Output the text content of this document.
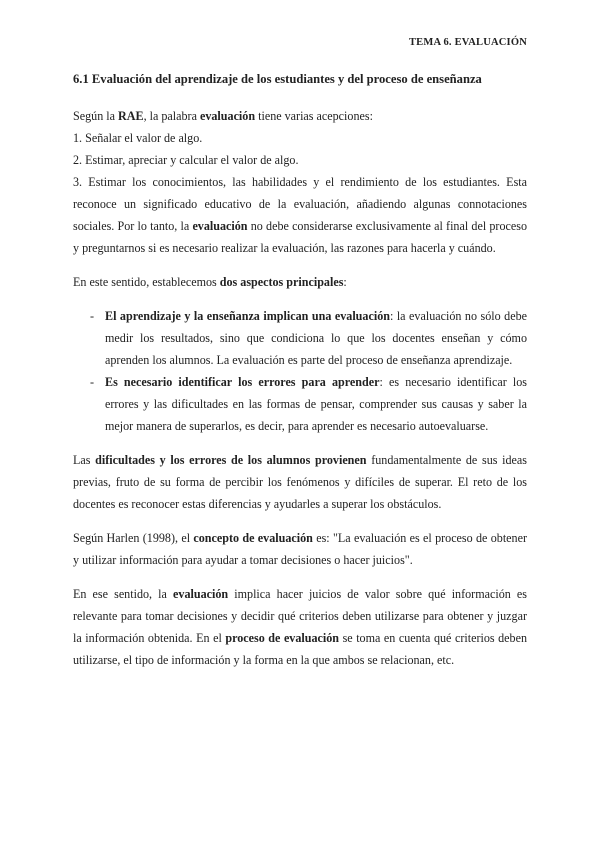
TEMA 6. EVALUACIÓN
6.1 Evaluación del aprendizaje de los estudiantes y del proceso de enseñanza

Según la RAE, la palabra evaluación tiene varias acepciones:

1. Señalar el valor de algo.

2. Estimar, apreciar y calcular el valor de algo.

3. Estimar los conocimientos, las habilidades y el rendimiento de los estudiantes. Esta reconoce un significado educativo de la evaluación, añadiendo algunas connotaciones sociales. Por lo tanto, la evaluación no debe considerarse exclusivamente al final del proceso y preguntarnos si es necesario realizar la evaluación, las razones para hacerla y cuándo.

En este sentido, establecemos dos aspectos principales:

- El aprendizaje y la enseñanza implican una evaluación: la evaluación no sólo debe medir los resultados, sino que condiciona lo que los docentes enseñan y cómo aprenden los alumnos. La evaluación es parte del proceso de enseñanza aprendizaje.

- Es necesario identificar los errores para aprender: es necesario identificar los errores y las dificultades en las formas de pensar, comprender sus causas y saber la mejor manera de superarlos, es decir, para aprender es necesario autoevaluarse.

Las dificultades y los errores de los alumnos provienen fundamentalmente de sus ideas previas, fruto de su forma de percibir los fenómenos y difíciles de superar. El reto de los docentes es reconocer estas diferencias y ayudarles a superar los obstáculos.

Según Harlen (1998), el concepto de evaluación es: "La evaluación es el proceso de obtener y utilizar información para ayudar a tomar decisiones o hacer juicios".

En ese sentido, la evaluación implica hacer juicios de valor sobre qué información es relevante para tomar decisiones y decidir qué criterios deben utilizarse para obtener y juzgar la información obtenida. En el proceso de evaluación se toma en cuenta qué criterios deben utilizarse, el tipo de información y la forma en la que ambos se relacionan, etc.
